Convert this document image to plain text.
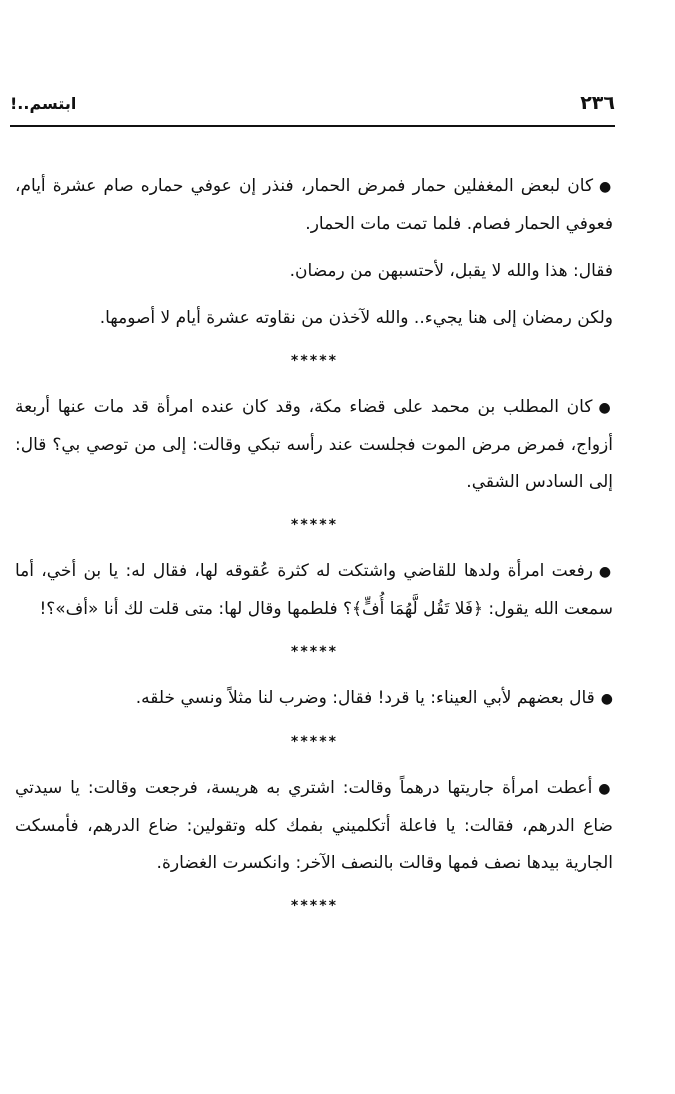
٢٣٦
ابتسم..!

●كان لبعض المغفلين حمار فمرض الحمار، فنذر إن عوفي حماره صام عشرة أيام، فعوفي الحمار فصام. فلما تمت مات الحمار.

فقال: هذا والله لا يقبل، لأحتسبهن من رمضان.

ولكن رمضان إلى هنا يجيء.. والله لآخذن من نقاوته عشرة أيام لا أصومها.

*****

●كان المطلب بن محمد على قضاء مكة، وقد كان عنده امرأة قد مات عنها أربعة أزواج، فمرض مرض الموت فجلست عند رأسه تبكي وقالت: إلى من توصي بي؟ قال: إلى السادس الشقي.

*****

●رفعت امرأة ولدها للقاضي واشتكت له كثرة عُقوقه لها، فقال له: يا بن أخي، أما سمعت الله يقول: ﴿فَلا تَقُل لَّهُمَا أُفٍّ﴾؟ فلطمها وقال لها: متى قلت لك أنا «أف»؟!

*****

●قال بعضهم لأبي العيناء: يا قرد! فقال: وضرب لنا مثلاً ونسي خلقه.

*****

●أعطت امرأة جاريتها درهماً وقالت: اشتري به هريسة، فرجعت وقالت: يا سيدتي ضاع الدرهم، فقالت: يا فاعلة أتكلميني بفمك كله وتقولين: ضاع الدرهم، فأمسكت الجارية بيدها نصف فمها وقالت بالنصف الآخر: وانكسرت الغضارة.

*****
